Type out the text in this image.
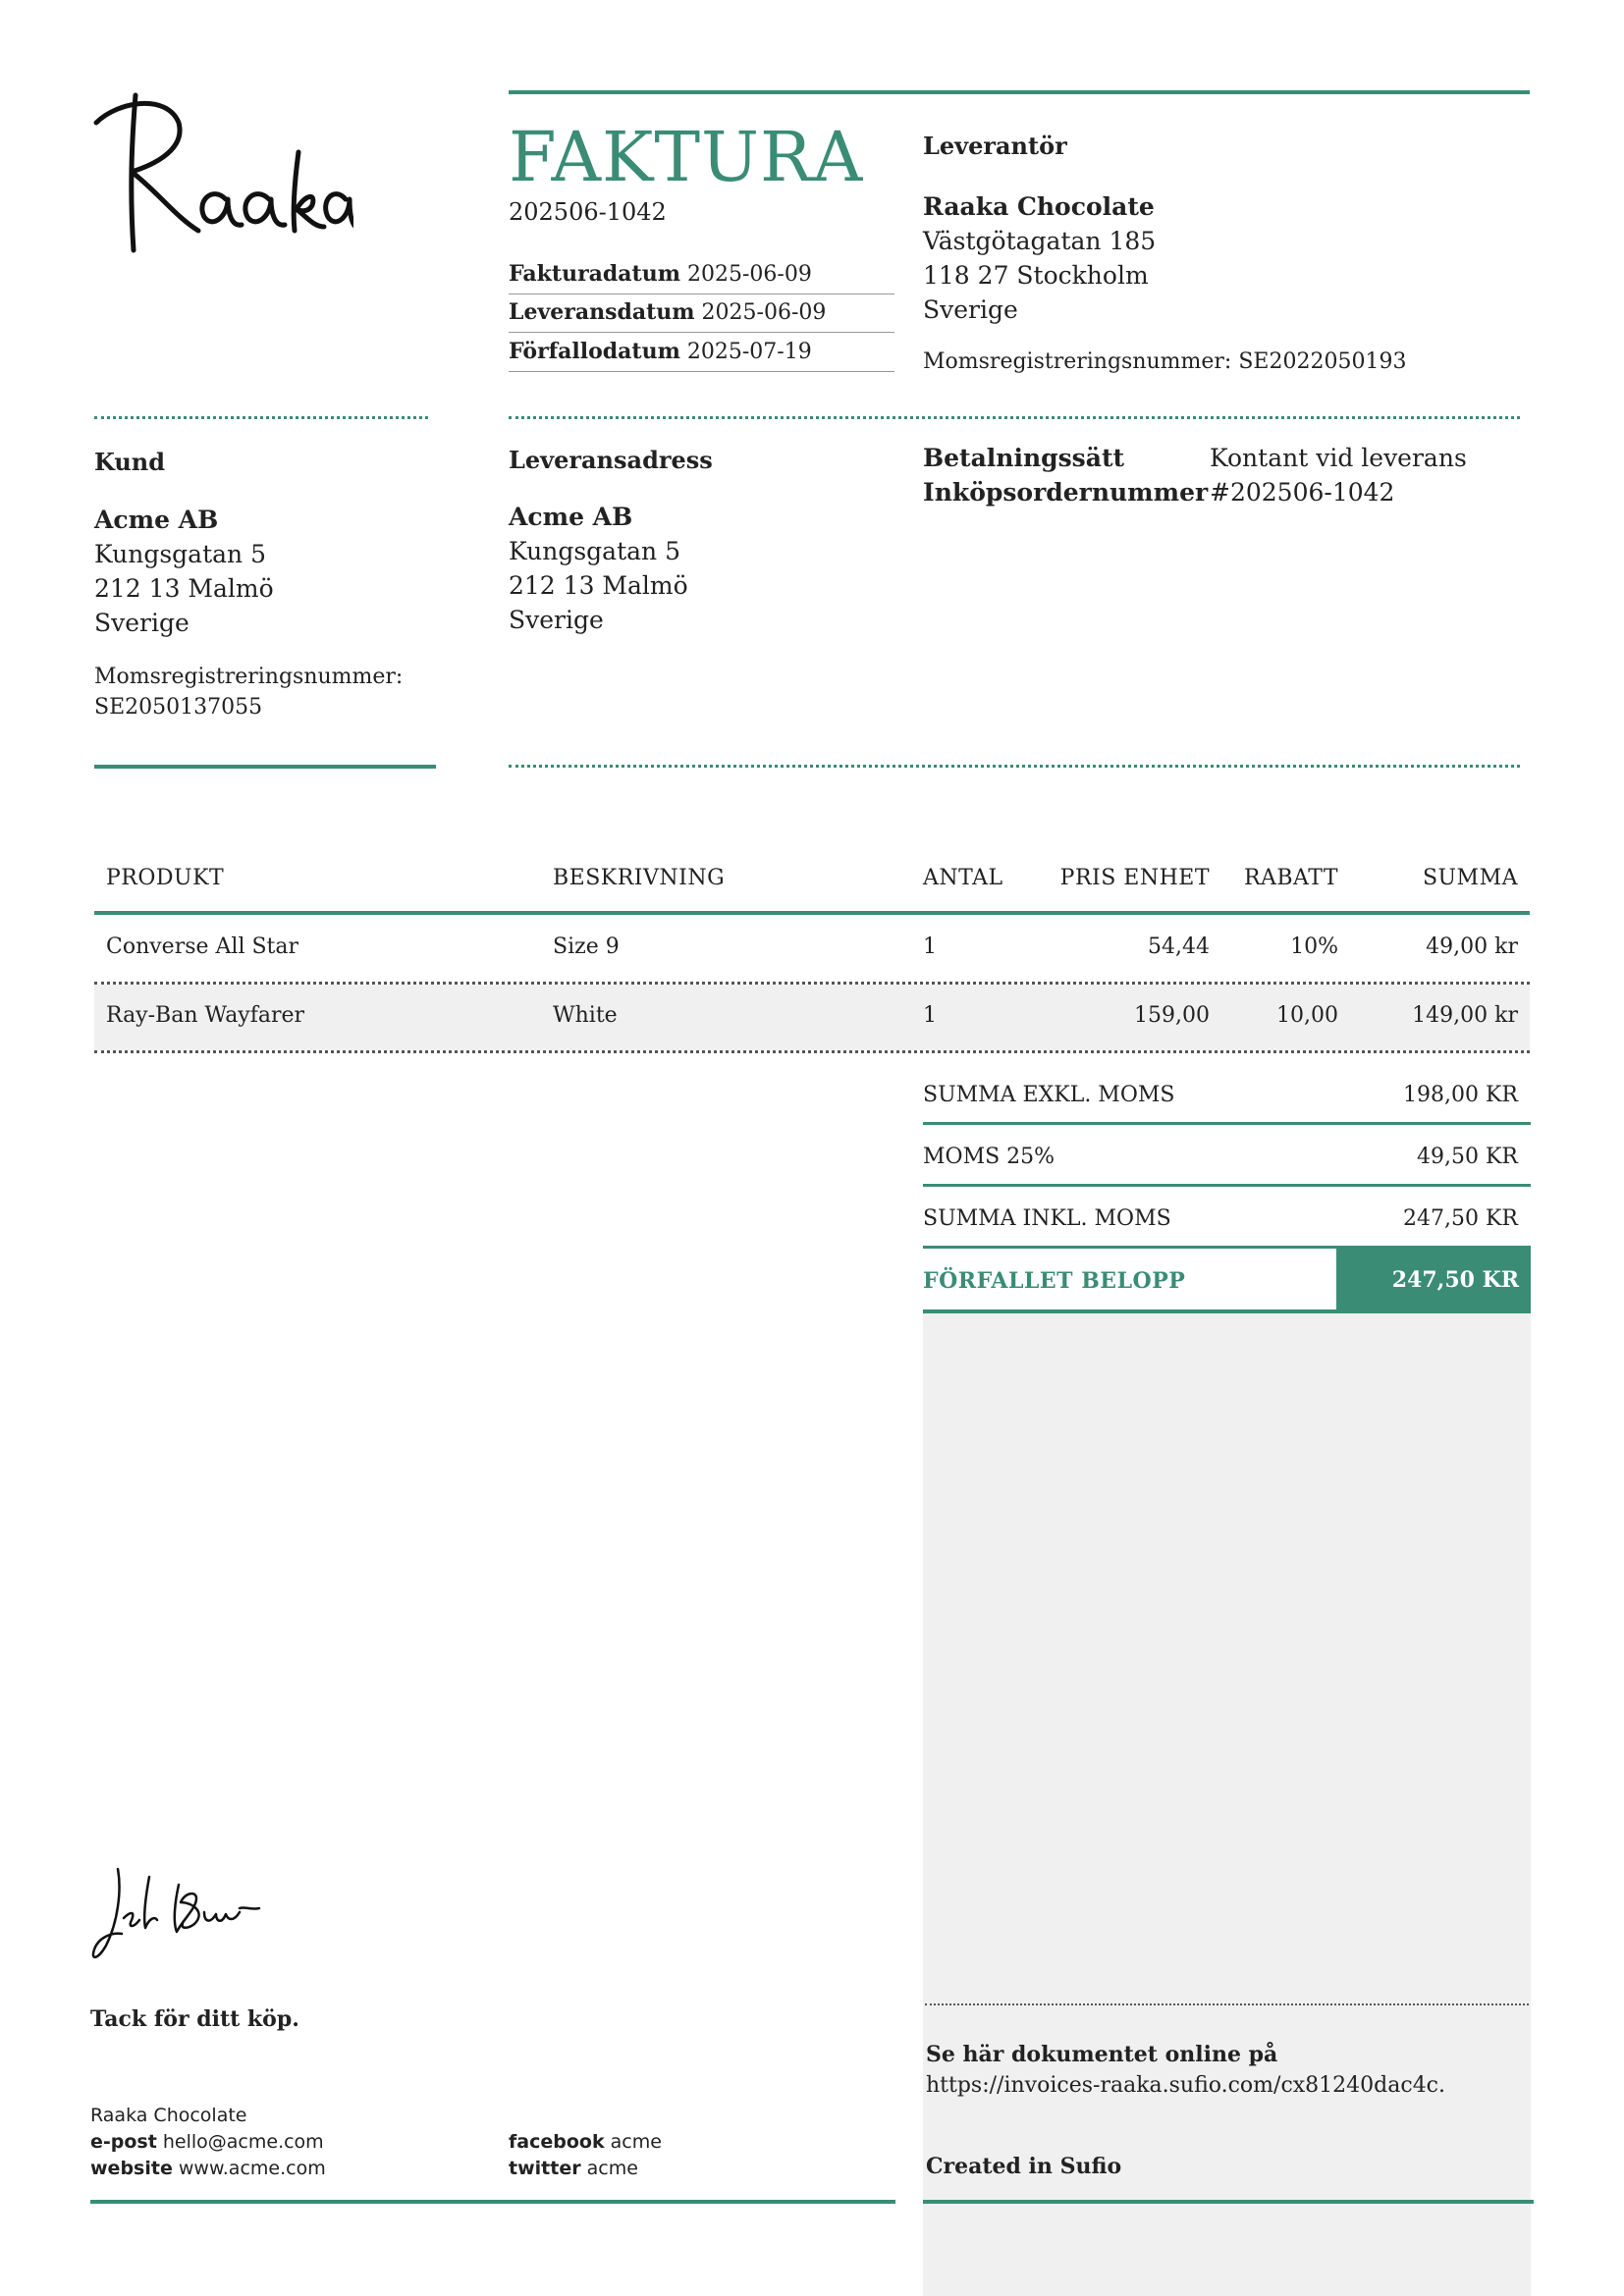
FAKTURA
202506-1042
Fakturadatum 2025-06-09
Leveransdatum 2025-06-09
Förfallodatum 2025-07-19
Leverantör
Raaka Chocolate
Västgötagatan 185
118 27 Stockholm
Sverige
Momsregistreringsnummer: SE2022050193
Kund
Acme AB
Kungsgatan 5
212 13 Malmö
Sverige
Momsregistreringsnummer:
SE2050137055
Leveransadress
Acme AB
Kungsgatan 5
212 13 Malmö
Sverige
Betalningssätt	Kontant vid leverans
Inköpsordernummer #202506-1042
PRODUKT	BESKRIVNING	ANTAL	PRIS ENHET	RABATT	SUMMA
Converse All Star	Size 9	1	54,44	10%	49,00 kr
Ray-Ban Wayfarer	White	1	159,00	10,00	149,00 kr
SUMMA EXKL. MOMS	198,00 KR
MOMS 25%	49,50 KR
SUMMA INKL. MOMS	247,50 KR
FÖRFALLET BELOPP	247,50 KR
Se här dokumentet online på
https://invoices-raaka.sufio.com/cx81240dac4c.
Created in Sufio
Tack för ditt köp.
Raaka Chocolate
e-post hello@acme.com
website www.acme.com
facebook acme
twitter acme
